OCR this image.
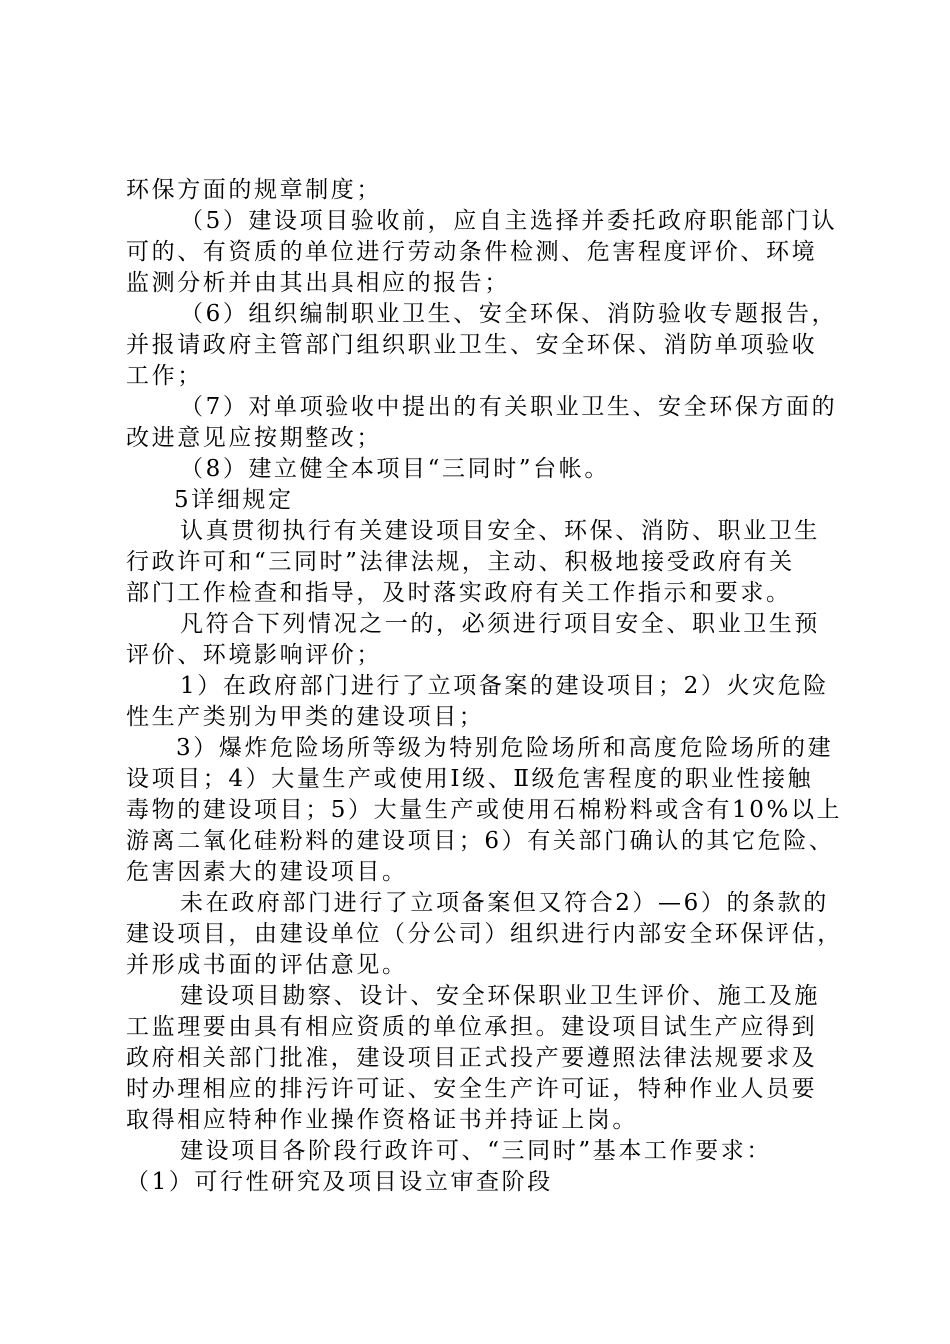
环保方面的规章制度；
（5）建设项目验收前，应自主选择并委托政府职能部门认
可的、有资质的单位进行劳动条件检测、危害程度评价、环境
监测分析并由其出具相应的报告；
（6）组织编制职业卫生、安全环保、消防验收专题报告，
并报请政府主管部门组织职业卫生、安全环保、消防单项验收
工作；
（7）对单项验收中提出的有关职业卫生、安全环保方面的
改进意见应按期整改；
（8）建立健全本项目“三同时”台帐。
5详细规定
认真贯彻执行有关建设项目安全、环保、消防、职业卫生
行政许可和“三同时”法律法规，主动、积极地接受政府有关
部门工作检查和指导，及时落实政府有关工作指示和要求。
凡符合下列情况之一的，必须进行项目安全、职业卫生预
评价、环境影响评价；
1）在政府部门进行了立项备案的建设项目；2）火灾危险
性生产类别为甲类的建设项目；
3）爆炸危险场所等级为特别危险场所和高度危险场所的建
设项目；4）大量生产或使用Ⅰ级、Ⅱ级危害程度的职业性接触
毒物的建设项目；5）大量生产或使用石棉粉料或含有10%以上
游离二氧化硅粉料的建设项目；6）有关部门确认的其它危险、
危害因素大的建设项目。
未在政府部门进行了立项备案但又符合2）—6）的条款的
建设项目，由建设单位（分公司）组织进行内部安全环保评估，
并形成书面的评估意见。
建设项目勘察、设计、安全环保职业卫生评价、施工及施
工监理要由具有相应资质的单位承担。建设项目试生产应得到
政府相关部门批准，建设项目正式投产要遵照法律法规要求及
时办理相应的排污许可证、安全生产许可证，特种作业人员要
取得相应特种作业操作资格证书并持证上岗。
建设项目各阶段行政许可、“三同时”基本工作要求：
（1）可行性研究及项目设立审查阶段
